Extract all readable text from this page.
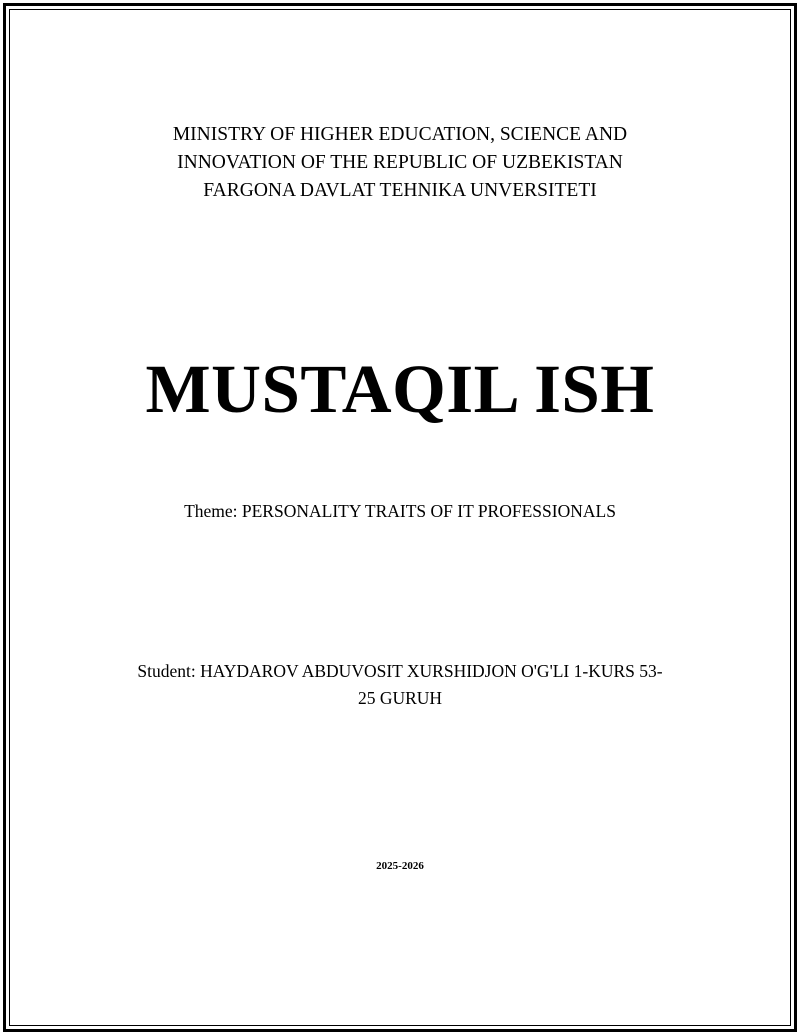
MINISTRY OF HIGHER EDUCATION, SCIENCE AND
INNOVATION OF THE REPUBLIC OF UZBEKISTAN
FARGONA DAVLAT TEHNIKA UNVERSITETI
MUSTAQIL ISH

Theme: PERSONALITY TRAITS OF IT PROFESSIONALS

Student: HAYDAROV ABDUVOSIT XURSHIDJON O'G'LI 1-KURS 53-
25 GURUH

2025-2026
